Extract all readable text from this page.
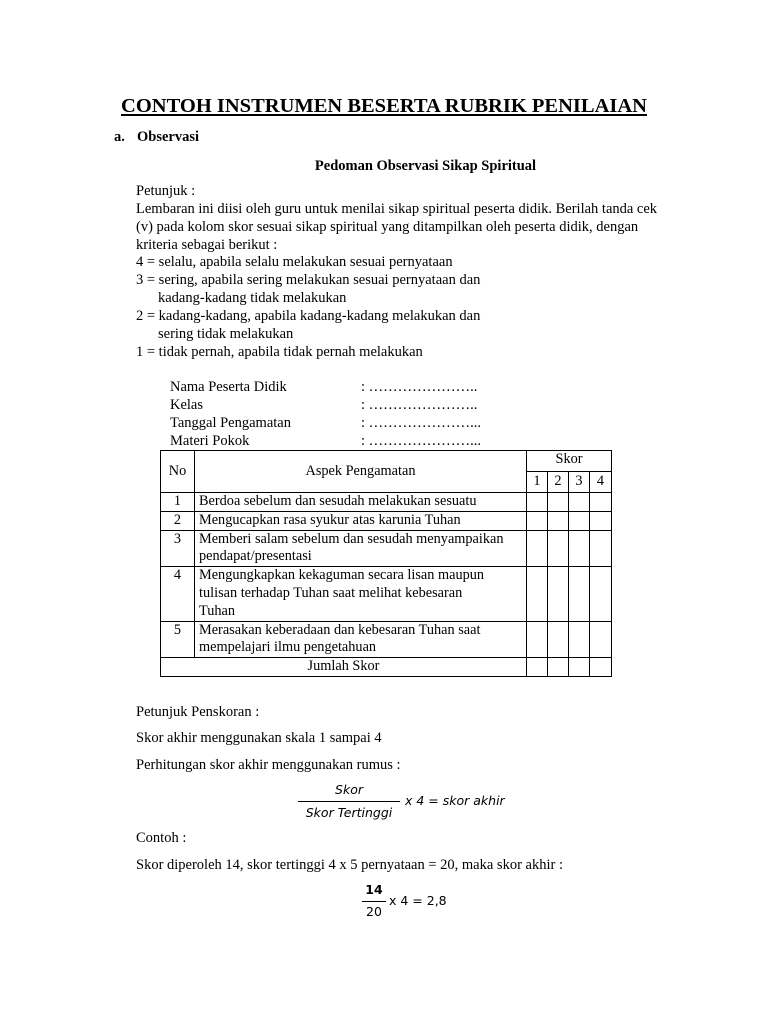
CONTOH INSTRUMEN BESERTA RUBRIK PENILAIAN
a. Observasi
Pedoman Observasi Sikap Spiritual
Petunjuk :
Lembaran ini diisi oleh guru untuk menilai sikap spiritual peserta didik. Berilah tanda cek
(v) pada kolom skor sesuai sikap spiritual yang ditampilkan oleh peserta didik, dengan
kriteria sebagai berikut :
4 = selalu, apabila selalu melakukan sesuai pernyataan
3 = sering, apabila sering melakukan sesuai pernyataan dan
kadang-kadang tidak melakukan
2 = kadang-kadang, apabila kadang-kadang melakukan dan
sering tidak melakukan
1 = tidak pernah, apabila tidak pernah melakukan
Nama Peserta Didik	: …………………..
Kelas	: …………………..
Tanggal Pengamatan	: …………………...
Materi Pokok	: …………………...
No	Aspek Pengamatan	Skor			
		1	2	3	4
1	Berdoa sebelum dan sesudah melakukan sesuatu				

2	Mengucapkan rasa syukur atas karunia Tuhan				

3	Memberi salam sebelum dan sesudah menyampaikan
pendapat/presentasi				

4	Mengungkapkan kekaguman secara lisan maupun
tulisan terhadap Tuhan saat melihat kebesaran
Tuhan				

5	Merasakan keberadaan dan kebesaran Tuhan saat
mempelajari ilmu pengetahuan				

Jumlah Skor					
Petunjuk Penskoran :
Skor akhir menggunakan skala 1 sampai 4
Perhitungan skor akhir menggunakan rumus :
Skor
Skor Tertinggi
x 4 = skor akhir
Contoh :
Skor diperoleh 14, skor tertinggi 4 x 5 pernyataan = 20, maka skor akhir :
14
20
x 4 = 2,8
